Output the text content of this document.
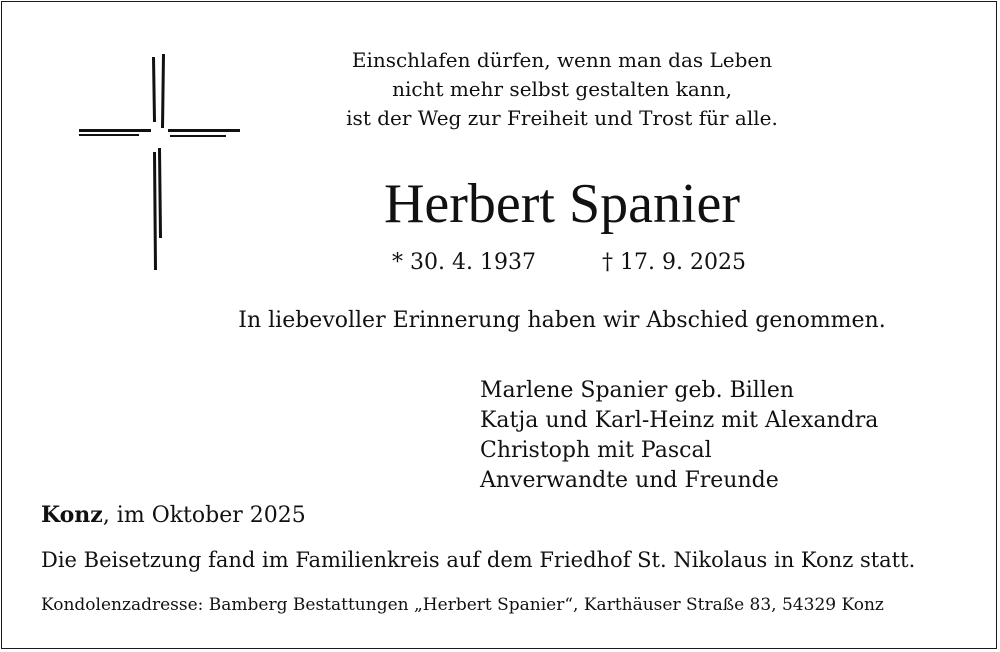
Einschlafen dürfen, wenn man das Leben
nicht mehr selbst gestalten kann,
ist der Weg zur Freiheit und Trost für alle.
Herbert Spanier
* 30. 4. 1937	† 17. 9. 2025
In liebevoller Erinnerung haben wir Abschied genommen.
Marlene Spanier geb. Billen
Katja und Karl-Heinz mit Alexandra
Christoph mit Pascal
Anverwandte und Freunde
Konz, im Oktober 2025
Die Beisetzung fand im Familienkreis auf dem Friedhof St. Nikolaus in Konz statt.
Kondolenzadresse: Bamberg Bestattungen „Herbert Spanier“, Karthäuser Straße 83, 54329 Konz
